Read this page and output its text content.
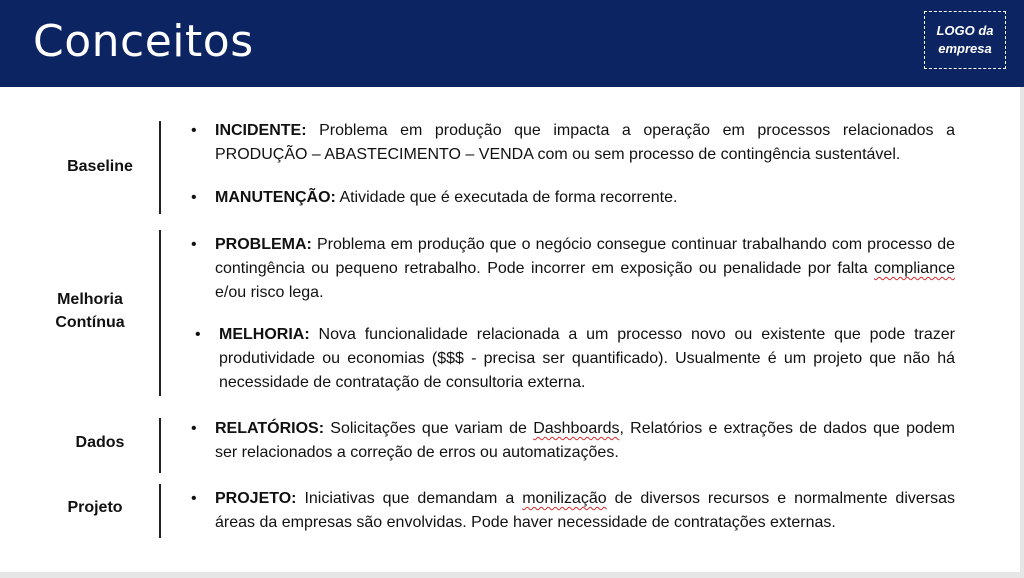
Conceitos	LOGO da
empresa
Baseline
• INCIDENTE: Problema em produção que impacta a operação em processos relacionados a PRODUÇÃO – ABASTECIMENTO – VENDA com ou sem processo de contingência sustentável.
• MANUTENÇÃO: Atividade que é executada de forma recorrente.
Melhoria
Contínua
• PROBLEMA: Problema em produção que o negócio consegue continuar trabalhando com processo de contingência ou pequeno retrabalho. Pode incorrer em exposição ou penalidade por falta compliance e/ou risco lega.
• MELHORIA: Nova funcionalidade relacionada a um processo novo ou existente que pode trazer produtividade ou economias ($$$ - precisa ser quantificado). Usualmente é um projeto que não há necessidade de contratação de consultoria externa.
Dados
• RELATÓRIOS: Solicitações que variam de Dashboards, Relatórios e extrações de dados que podem ser relacionados a correção de erros ou automatizações.
Projeto
• PROJETO: Iniciativas que demandam a monilização de diversos recursos e normalmente diversas áreas da empresas são envolvidas. Pode haver necessidade de contratações externas.
